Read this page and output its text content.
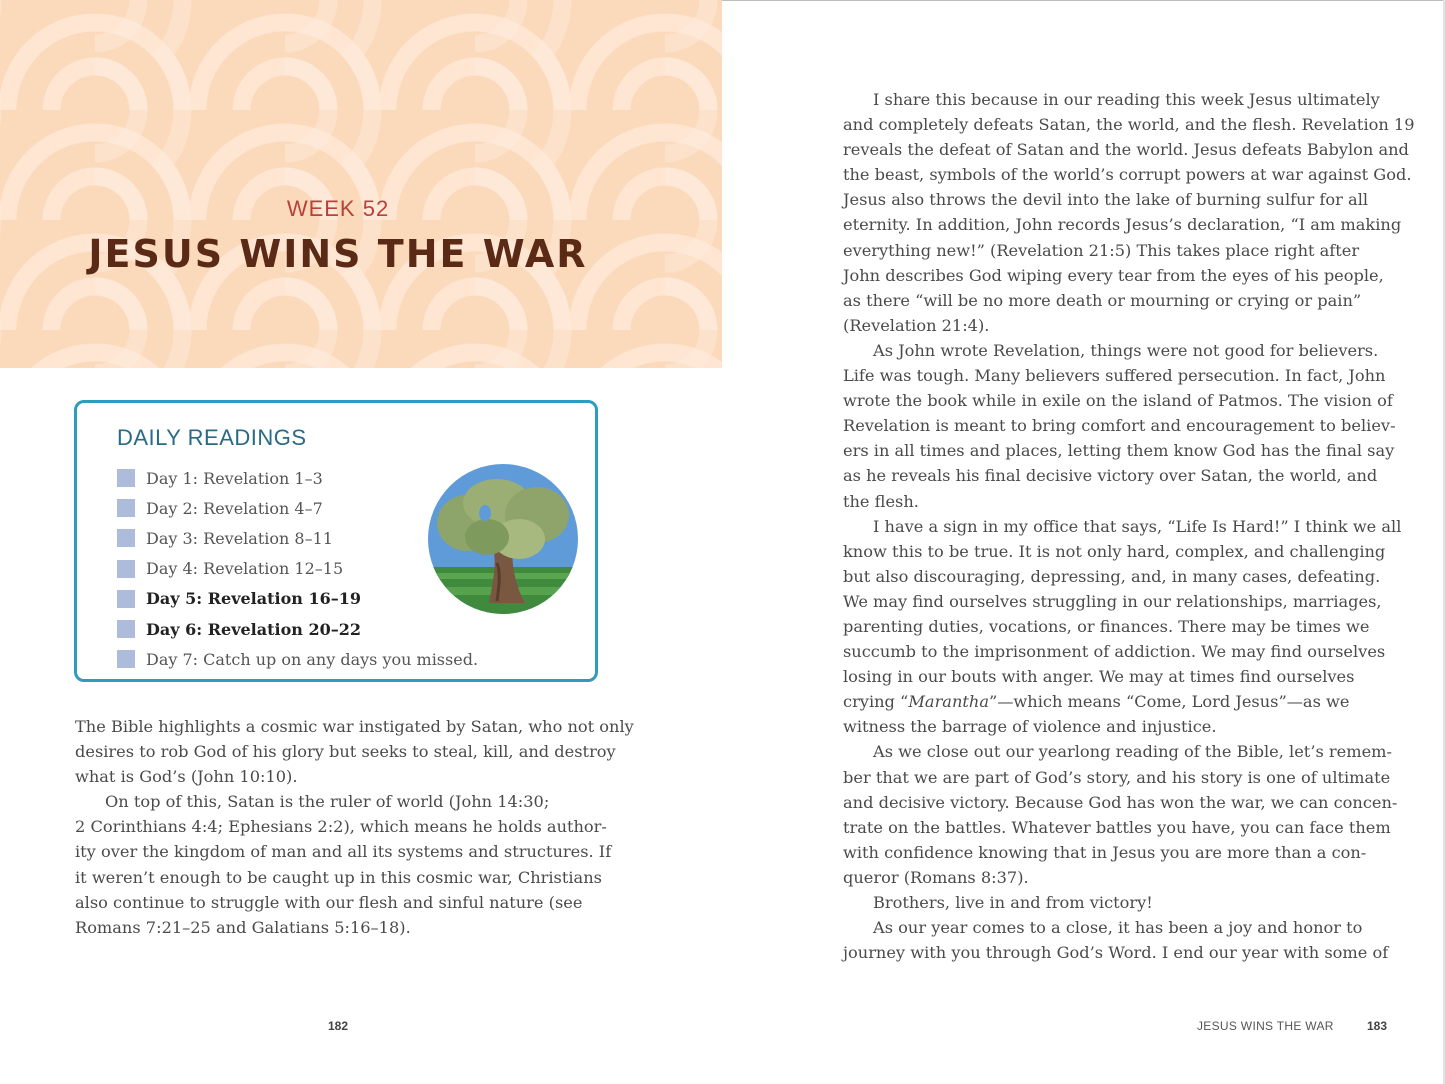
WEEK 52
JESUS WINS THE WAR
DAILY READINGS
Day 1: Revelation 1–3
Day 2: Revelation 4–7
Day 3: Revelation 8–11
Day 4: Revelation 12–15
Day 5: Revelation 16–19
Day 6: Revelation 20–22
Day 7: Catch up on any days you missed.
The Bible highlights a cosmic war instigated by Satan, who not only
desires to rob God of his glory but seeks to steal, kill, and destroy
what is God’s (John 10:10).
On top of this, Satan is the ruler of world (John 14:30;
2 Corinthians 4:4; Ephesians 2:2), which means he holds author-
ity over the kingdom of man and all its systems and structures. If
it weren’t enough to be caught up in this cosmic war, Christians
also continue to struggle with our flesh and sinful nature (see
Romans 7:21–25 and Galatians 5:16–18).
182
I share this because in our reading this week Jesus ultimately
and completely defeats Satan, the world, and the flesh. Revelation 19
reveals the defeat of Satan and the world. Jesus defeats Babylon and
the beast, symbols of the world’s corrupt powers at war against God.
Jesus also throws the devil into the lake of burning sulfur for all
eternity. In addition, John records Jesus’s declaration, “I am making
everything new!” (Revelation 21:5) This takes place right after
John describes God wiping every tear from the eyes of his people,
as there “will be no more death or mourning or crying or pain”
(Revelation 21:4).
As John wrote Revelation, things were not good for believers.
Life was tough. Many believers suffered persecution. In fact, John
wrote the book while in exile on the island of Patmos. The vision of
Revelation is meant to bring comfort and encouragement to believ-
ers in all times and places, letting them know God has the final say
as he reveals his final decisive victory over Satan, the world, and
the flesh.
I have a sign in my office that says, “Life Is Hard!” I think we all
know this to be true. It is not only hard, complex, and challenging
but also discouraging, depressing, and, in many cases, defeating.
We may find ourselves struggling in our relationships, marriages,
parenting duties, vocations, or finances. There may be times we
succumb to the imprisonment of addiction. We may find ourselves
losing in our bouts with anger. We may at times find ourselves
crying “Marantha”—which means “Come, Lord Jesus”—as we
witness the barrage of violence and injustice.
As we close out our yearlong reading of the Bible, let’s remem-
ber that we are part of God’s story, and his story is one of ultimate
and decisive victory. Because God has won the war, we can concen-
trate on the battles. Whatever battles you have, you can face them
with confidence knowing that in Jesus you are more than a con-
queror (Romans 8:37).
Brothers, live in and from victory!
As our year comes to a close, it has been a joy and honor to
journey with you through God’s Word. I end our year with some of
JESUS WINS THE WAR	183
